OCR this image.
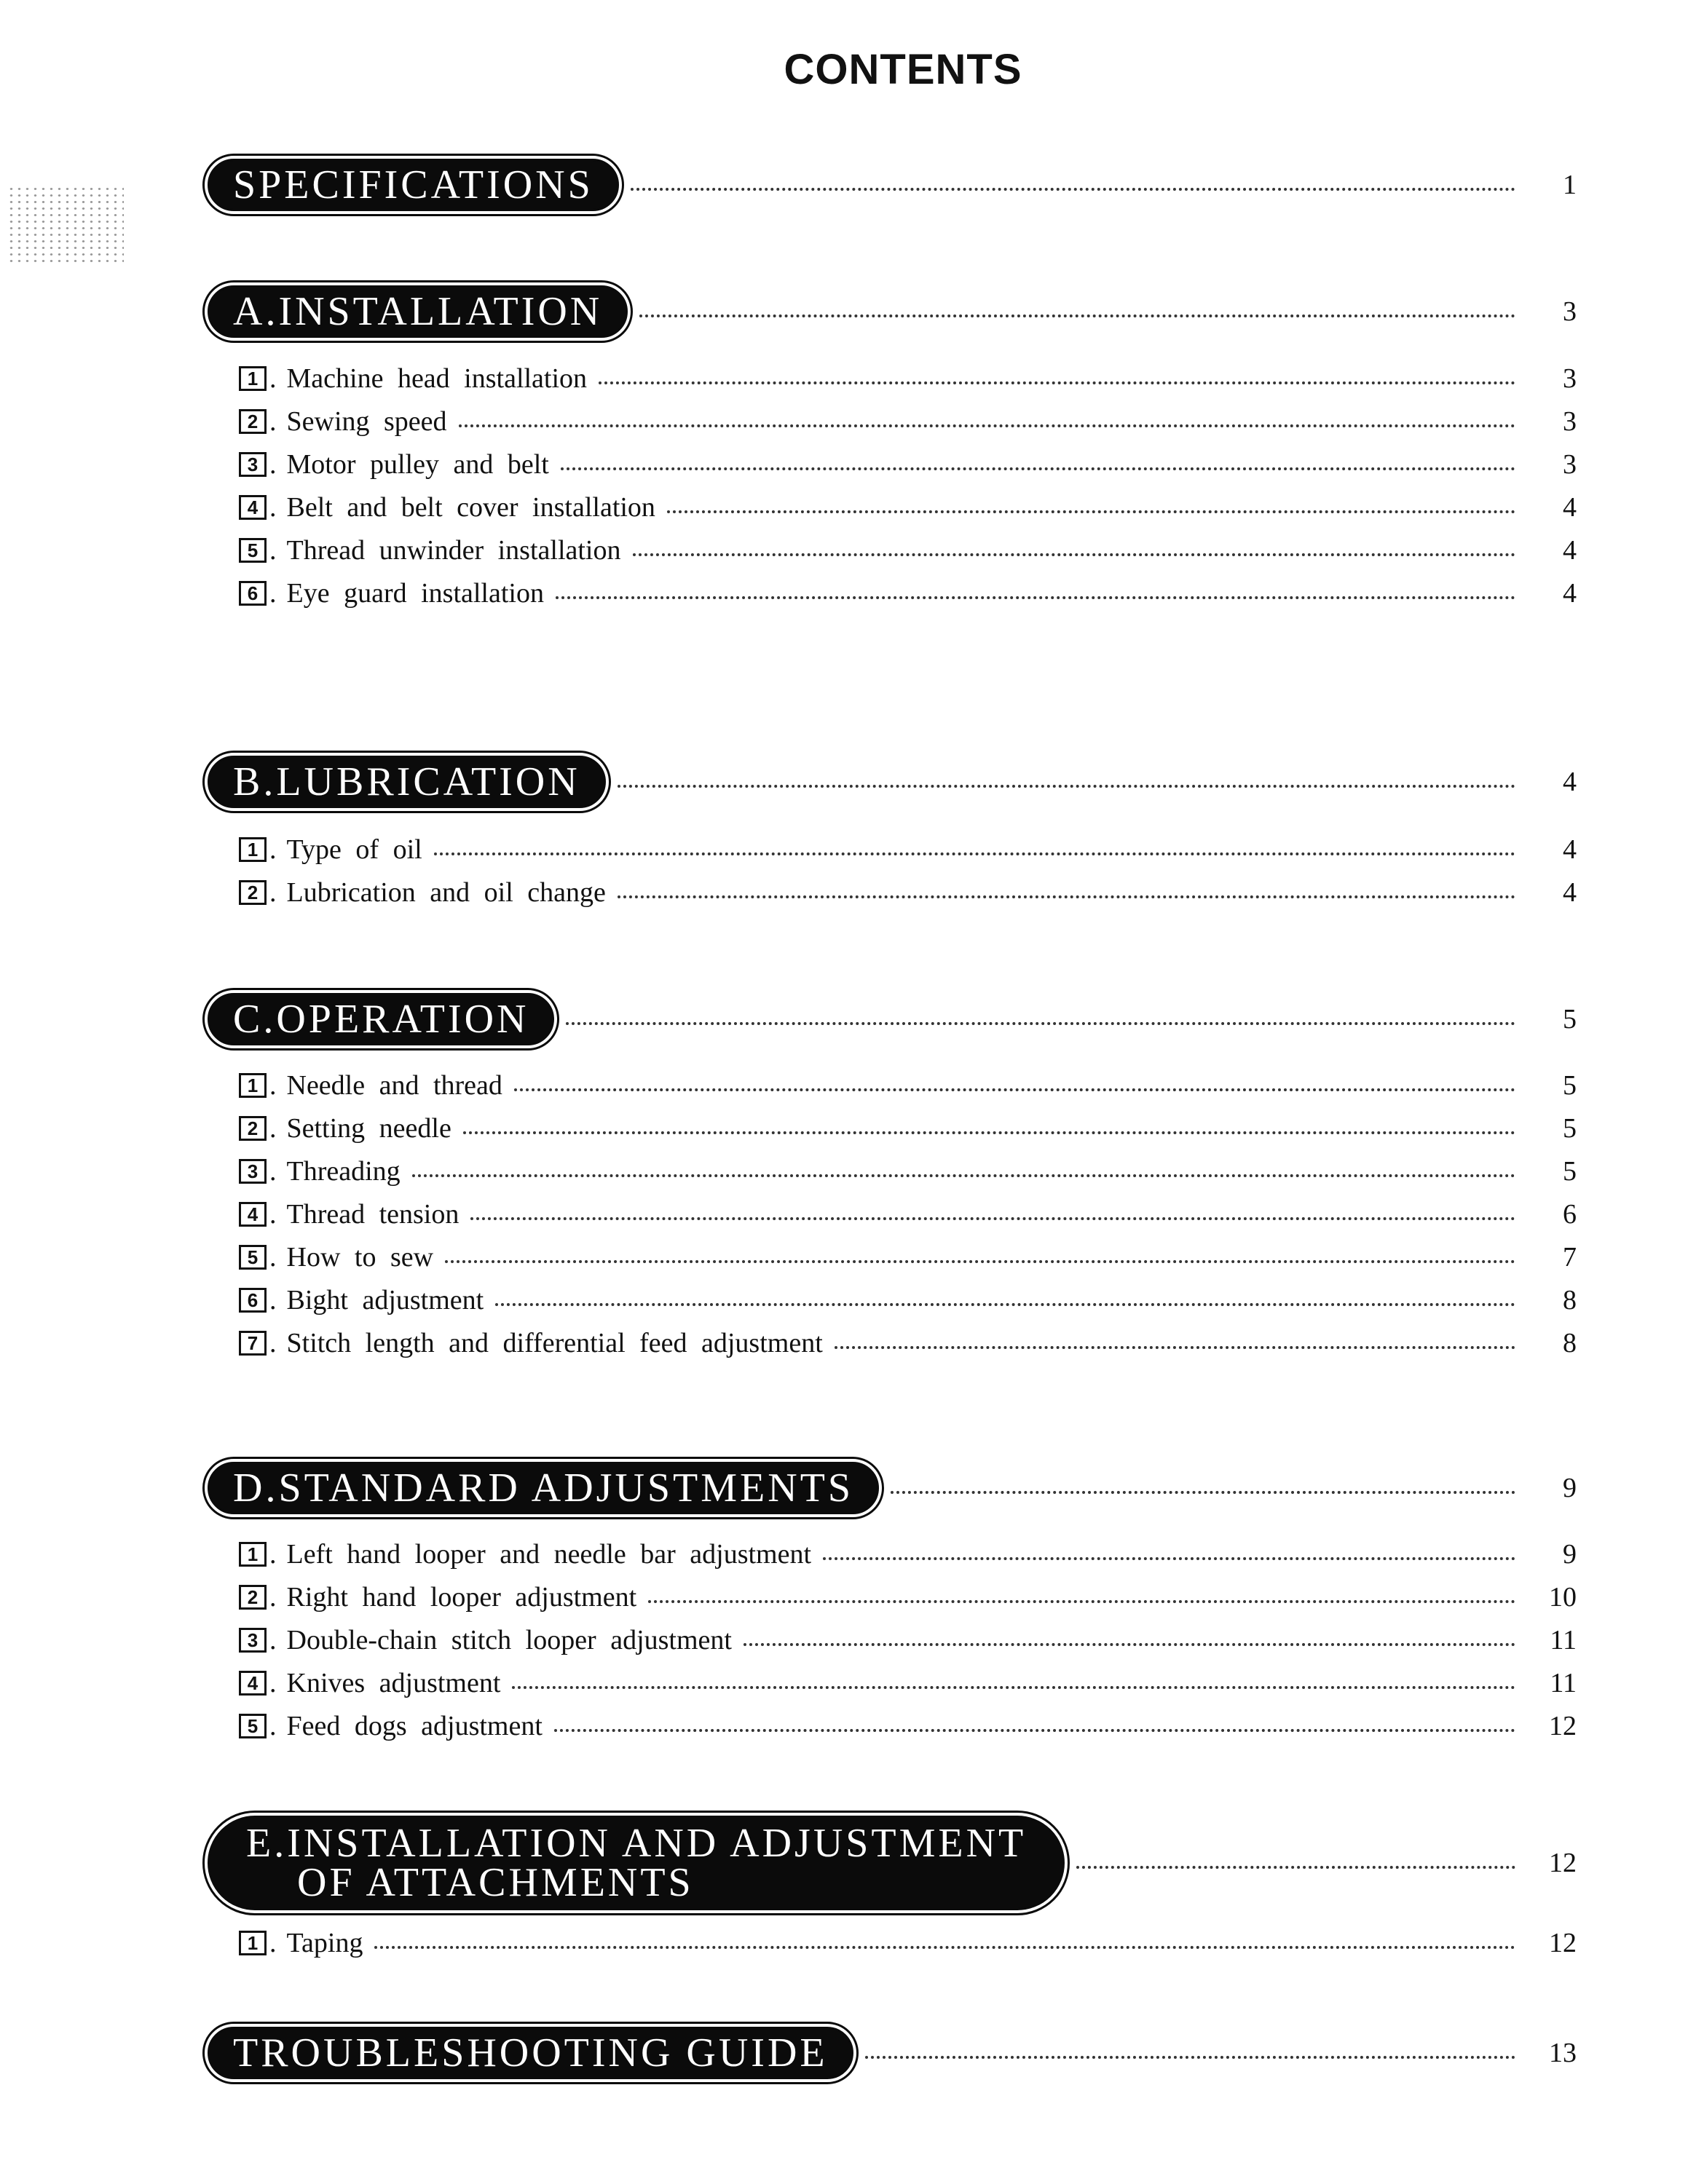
CONTENTS
SPECIFICATIONS	1
A.INSTALLATION	3
1 . Machine head installation	3
2 . Sewing speed	3
3 . Motor pulley and belt	3
4 . Belt and belt cover installation	4
5 . Thread unwinder installation	4
6 . Eye guard installation	4
B.LUBRICATION	4
1 . Type of oil	4
2 . Lubrication and oil change	4
C.OPERATION	5
1 . Needle and thread	5
2 . Setting needle	5
3 . Threading	5
4 . Thread tension	6
5 . How to sew	7
6 . Bight adjustment	8
7 . Stitch length and differential feed adjustment	8
D.STANDARD ADJUSTMENTS	9
1 . Left hand looper and needle bar adjustment	9
2 . Right hand looper adjustment	10
3 . Double-chain stitch looper adjustment	11
4 . Knives adjustment	11
5 . Feed dogs adjustment	12
E.INSTALLATION AND ADJUSTMENT
OF ATTACHMENTS	12
1 . Taping	12
TROUBLESHOOTING GUIDE	13
